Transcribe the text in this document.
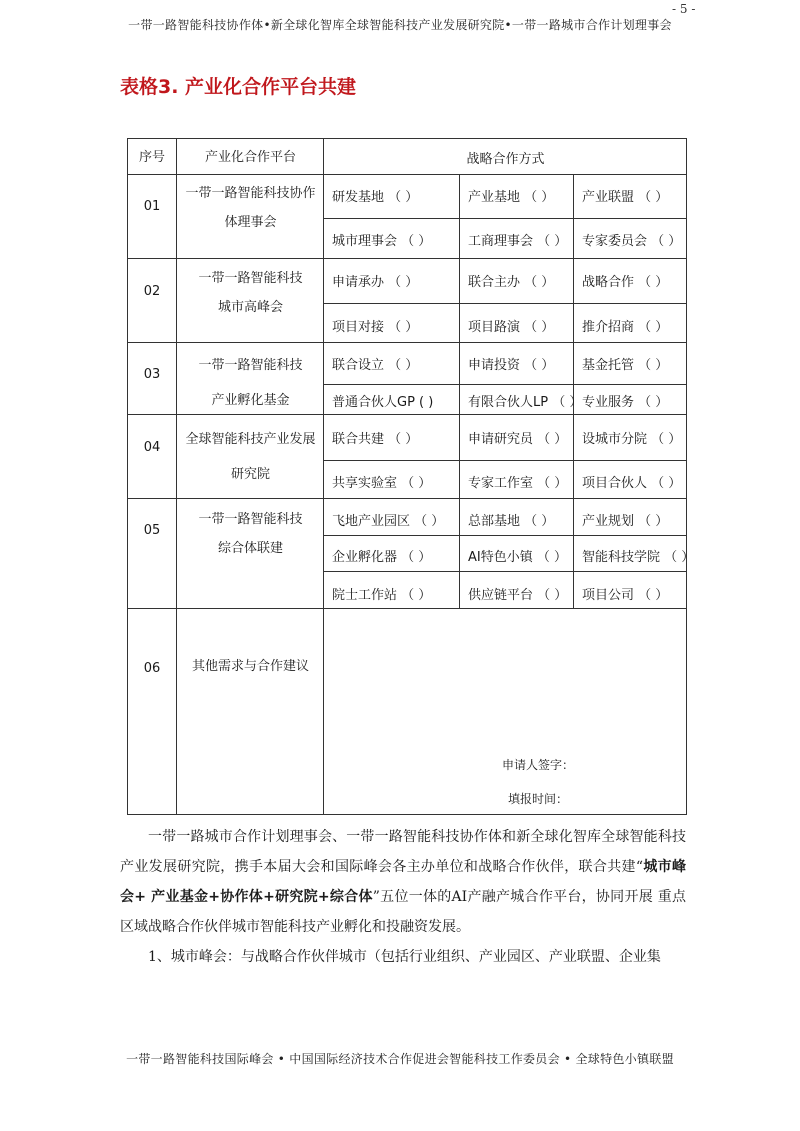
- 5 -
一带一路智能科技协作体•新全球化智库全球智能科技产业发展研究院•一带一路城市合作计划理事会
表格3. 产业化合作平台共建
序号	产业化合作平台	战略合作方式
01
一带一路智能科技协作
体理事会
研发基地 （ ）	产业基地 （ ）	产业联盟 （ ）
城市理事会 （ ）	工商理事会 （ ）	专家委员会 （ ）
02
一带一路智能科技
城市高峰会
申请承办 （ ）	联合主办 （ ）	战略合作 （ ）
项目对接 （ ）	项目路演 （ ）	推介招商 （ ）
03
一带一路智能科技
产业孵化基金
联合设立 （ ）	申请投资 （ ）	基金托管 （ ）
普通合伙人GP ( )	有限合伙人LP （ ） 专业服务 （ ）
04
全球智能科技产业发展
研究院
联合共建 （ ）	申请研究员 （ ）	设城市分院 （ ）
共享实验室 （ ）	专家工作室 （ ）	项目合伙人 （ ）
05
一带一路智能科技
综合体联建
飞地产业园区 （ ）	总部基地 （ ）	产业规划 （ ）
企业孵化器 （ ）	AI特色小镇 （ ）	智能科技学院 （ ）
院士工作站 （ ）	供应链平台 （ ）	项目公司 （ ）
06	其他需求与合作建议
申请人签字：
填报时间：

一带一路城市合作计划理事会、一带一路智能科技协作体和新全球化智库全球智能科技产业发展研究院，携手本届大会和国际峰会各主办单位和战略合作伙伴，联合共建“城市峰会+ 产业基金+协作体+研究院+综合体”五位一体的AI产融产城合作平台，协同开展 重点区域战略合作伙伴城市智能科技产业孵化和投融资发展。

1、城市峰会：与战略合作伙伴城市（包括行业组织、产业园区、产业联盟、企业集

一带一路智能科技国际峰会 • 中国国际经济技术合作促进会智能科技工作委员会 • 全球特色小镇联盟
